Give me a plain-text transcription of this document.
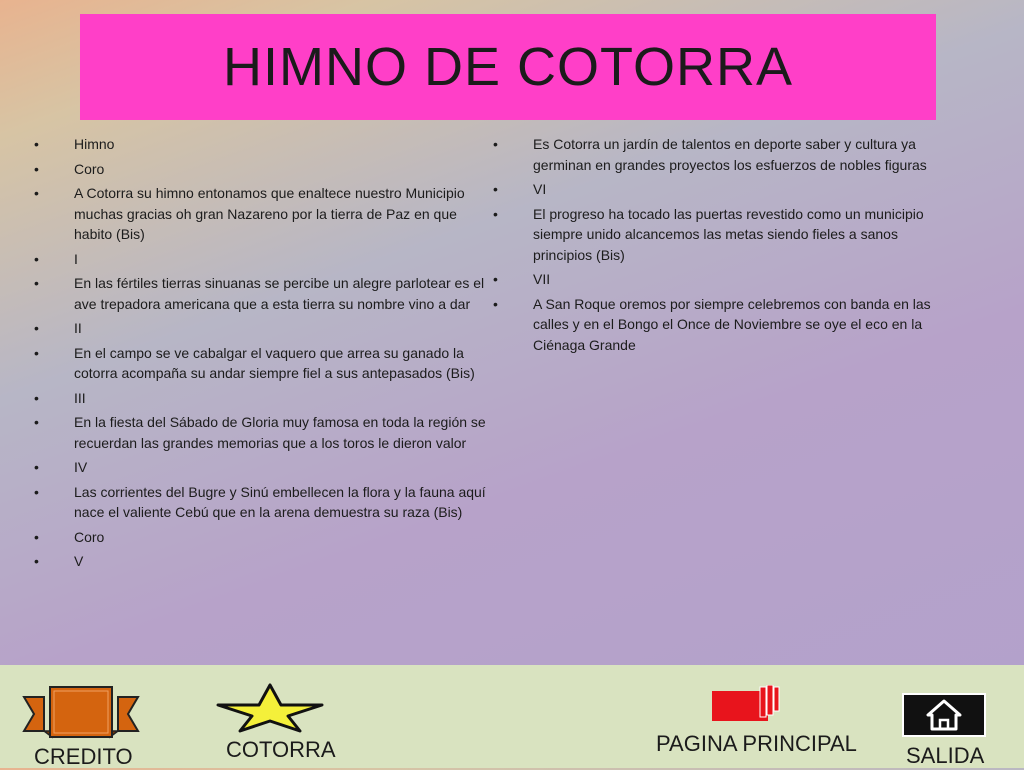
HIMNO DE COTORRA
• Himno
• Coro
• A Cotorra su himno entonamos que enaltece nuestro Municipio muchas gracias oh gran Nazareno por la tierra de Paz en que habito (Bis)
• I
• En las fértiles tierras sinuanas se percibe un alegre parlotear es el ave trepadora americana que a esta tierra su nombre vino a dar
• II
• En el campo se ve cabalgar el vaquero que arrea su ganado la cotorra acompaña su andar siempre fiel a sus antepasados (Bis)
• III
• En la fiesta del Sábado de Gloria muy famosa en toda la región se recuerdan las grandes memorias que a los toros le dieron valor
• IV
• Las corrientes del Bugre y Sinú embellecen la flora y la fauna aquí nace el valiente Cebú que en la arena demuestra su raza (Bis)
• Coro
• V
• Es Cotorra un jardín de talentos en deporte saber y cultura ya germinan en grandes proyectos los esfuerzos de nobles figuras
• VI
• El progreso ha tocado las puertas revestido como un municipio siempre unido alcancemos las metas siendo fieles a sanos principios (Bis)
• VII
• A San Roque oremos por siempre celebremos con banda en las calles y en el Bongo el Once de Noviembre se oye el eco en la Ciénaga Grande
CREDITO	COTORRA	PAGINA PRINCIPAL SALIDA
